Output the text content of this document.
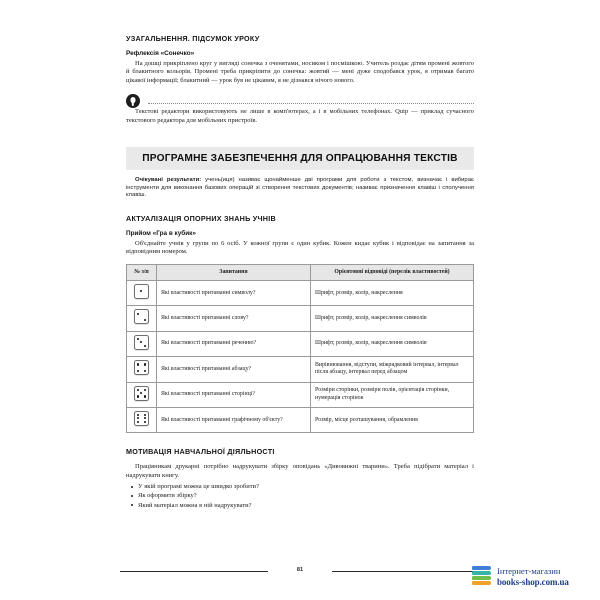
УЗАГАЛЬНЕННЯ. ПІДСУМОК УРОКУ
Рефлексія «Сонечко»

На дошці прикріплено круг у вигляді сонечка з оченятами, носиком і посмішкою. Учитель роздає дітям промені жовтого й блакитного кольорів. Промені треба прикріпити до сонечка: жовтий — мені дуже сподобався урок, я отримав багато цікавої інформації; блакитний — урок був не цікавим, я не дізнався нічого нового.

Текстові редактори використовують не лише в комп'ютерах, а і в мобільних телефонах. Quip — приклад сучасного текстового редактора для мобільних пристроїв.

ПРОГРАМНЕ ЗАБЕЗПЕЧЕННЯ ДЛЯ ОПРАЦЮВАННЯ ТЕКСТІВ

Очікувані результати: учень(иця) називає щонайменше дві програми для роботи з текстом, визначає і вибирає інструменти для виконання базових операцій зі створення текстових документів; називає призначення клавіш і сполучення клавіш.

АКТУАЛІЗАЦІЯ ОПОРНИХ ЗНАНЬ УЧНІВ
Прийом «Гра в кубик»

Об'єднайте учнів у групи по 6 осіб. У кожної групи є один кубик. Кожен кидає кубик і відповідає на запитання за відповідним номером.

№ з/п	Запитання	Орієнтовні відповіді (перелік властивостей)

	Які властивості притаманні символу?	Шрифт, розмір, колір, накреслення

	Які властивості притаманні слову?	Шрифт, розмір, колір, накреслення символів

	Які властивості притаманні реченню?	Шрифт, розмір, колір, накреслення символів

	Які властивості притаманні абзацу?	Вирівнювання, відступи, міжрядковий інтервал, інтервал після абзацу, інтервал перед абзацом

	Які властивості притаманні сторінці?	Розміри сторінки, розміри полів, орієнтація сторінки, нумерація сторінок

	Які властивості притаманні графічному об'єкту?	Розмір, місце розташування, обрамлення
МОТИВАЦІЯ НАВЧАЛЬНОЇ ДІЯЛЬНОСТІ

Працівникам друкарні потрібно надрукувати збірку оповідань «Дивовижні тварини». Треба підібрати матеріал і надрукувати книгу.

У якій програмі можна це швидко зробити?
Як оформити збірку?
Який матеріал можна в ній надрукувати?
81	Інтернет-магазин
books-shop.com.ua
